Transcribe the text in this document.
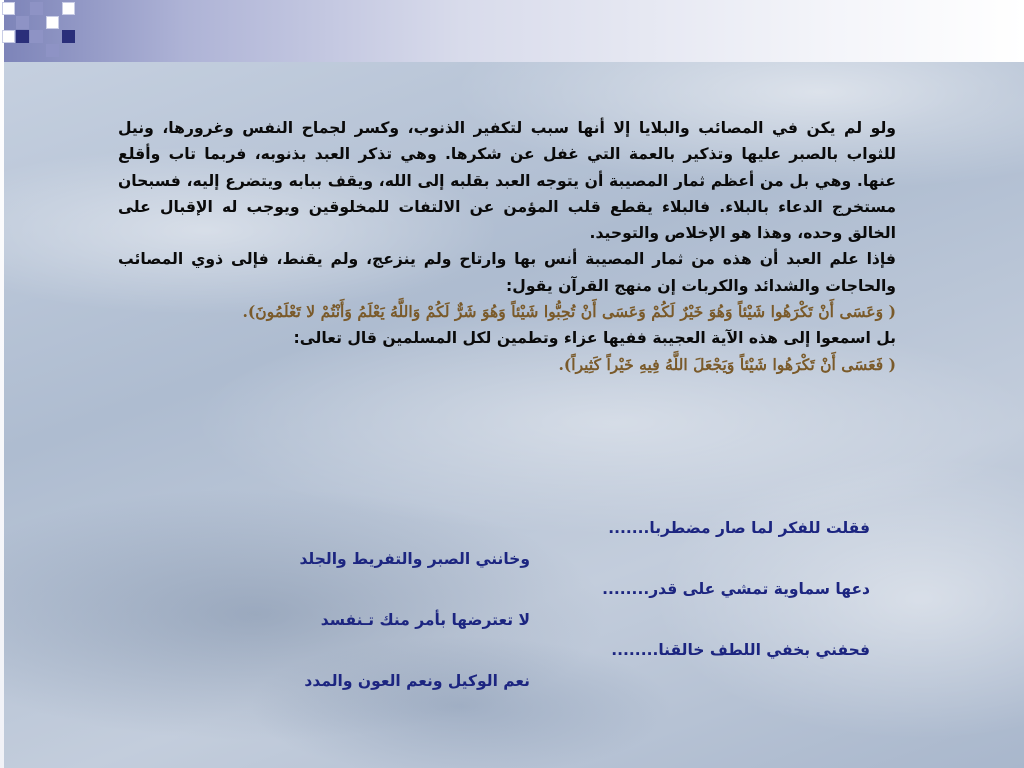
ولو لم يكن في المصائب والبلايا إلا أنها سبب لتكفير الذنوب، وكسر لجماح النفس وغرورها، ونيل للثواب بالصبر عليها وتذكير بالعمة التي غفل عن شكرها. وهي تذكر العبد بذنوبه، فربما تاب وأقلع عنها. وهي بل من أعظم ثمار المصيبة أن يتوجه العبد بقلبه إلى الله، ويقف ببابه ويتضرع إليه، فسبحان مستخرج الدعاء بالبلاء. فالبلاء يقطع قلب المؤمن عن الالتفات للمخلوقين ويوجب له الإقبال على الخالق وحده، وهذا هو الإخلاص والتوحيد.

فإذا علم العبد أن هذه من ثمار المصيبة أنس بها وارتاح ولم ينزعج، ولم يقنط، فإلى ذوي المصائب والحاجات والشدائد والكربات إن منهج القرآن يقول:

( وَعَسَى أَنْ تَكْرَهُوا شَيْئاً وَهُوَ خَيْرٌ لَكُمْ وَعَسَى أَنْ تُحِبُّوا شَيْئاً وَهُوَ شَرٌّ لَكُمْ وَاللَّهُ يَعْلَمُ وَأَنْتُمْ لا تَعْلَمُونَ).

بل اسمعوا إلى هذه الآية العجيبة ففيها عزاء وتطمين لكل المسلمين قال تعالى:

( فَعَسَى أَنْ تَكْرَهُوا شَيْئاً وَيَجْعَلَ اللَّهُ فِيهِ خَيْراً كَثِيراً).

فقلت للفكر لما صار مضطربا.......
وخانني الصبر والتفريط والجلد
دعها سماوية تمشي على قدر........
لا تعترضها بأمر منك تـنفسد
فحفني بخفي اللطف خالقنا........
نعم الوكيل ونعم العون والمدد
